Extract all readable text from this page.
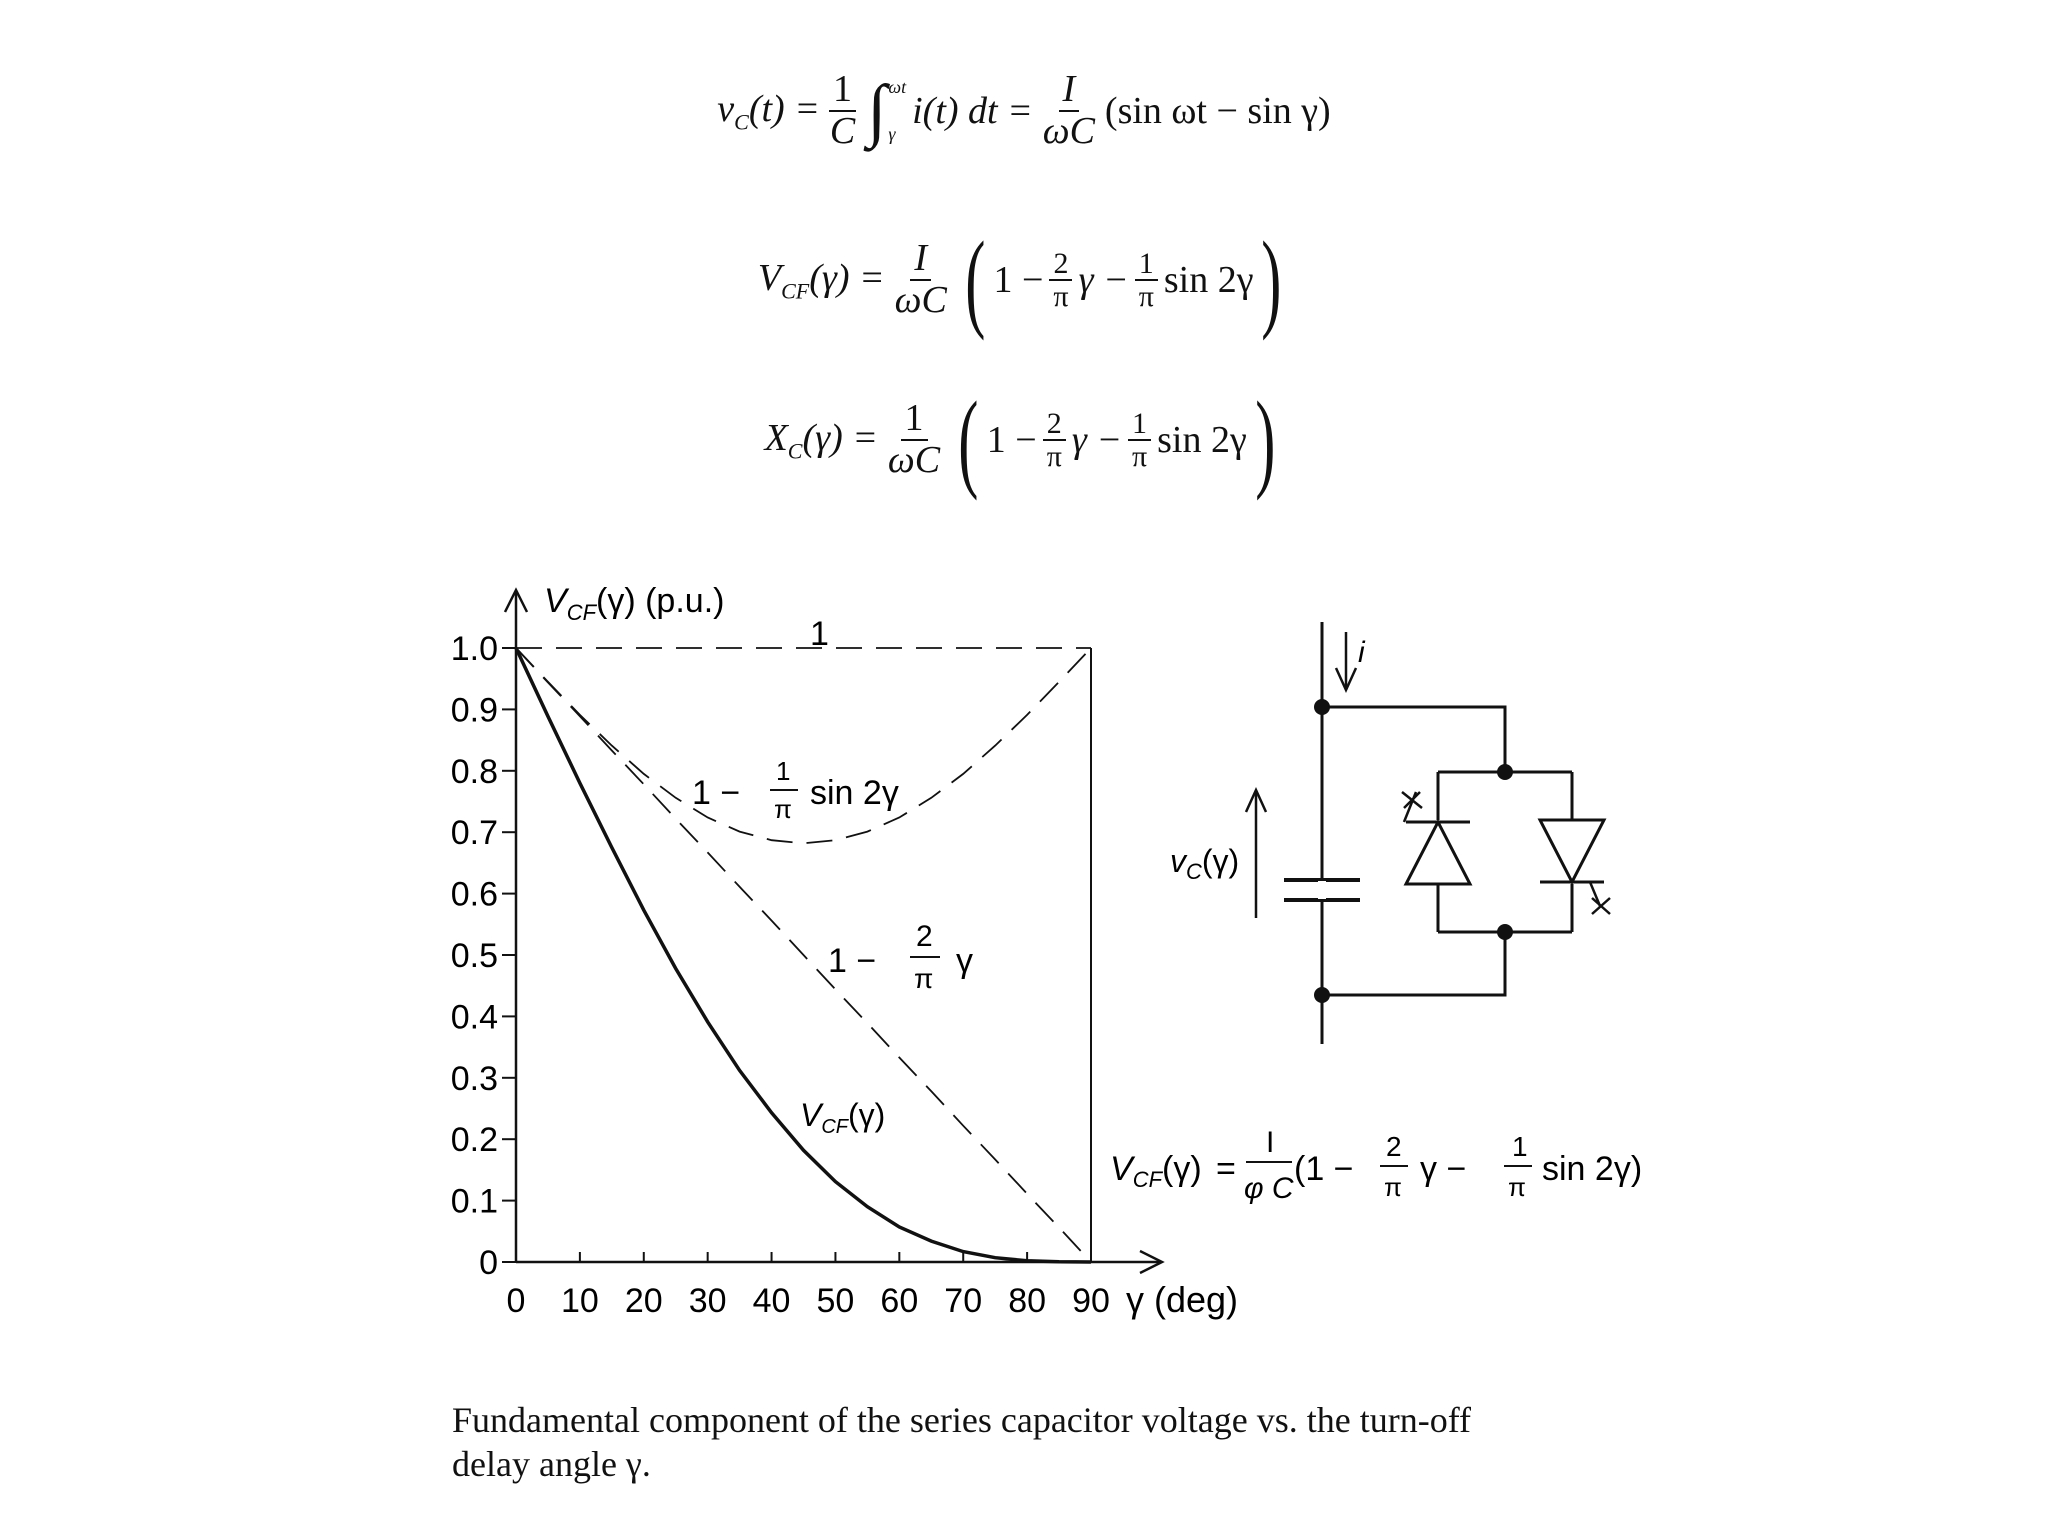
$v_C(t) = \frac{1}{C}$ ∫ ωt
γ
i(t) dt = $\frac{I}{\omega C} (\sin$ ωt − sin γ)
$V_{CF}(\gamma) = \frac{I}{\omega C}$ ( $1 - \frac{2}{\pi}$ $\gamma - \frac{1}{\pi}$ sin 2γ )
$X_C(\gamma) = \frac{1}{\omega C}$ ( $1 - \frac{2}{\pi}$ $\gamma - \frac{1}{\pi}$ sin 2γ )
0 10 20 30 40 50 60 70 80 90
0
0.1
0.2
0.3
0.4
0.5
0.6
0.7
0.8
0.9
1.0
$V_{CF}(\gamma)$ (p.u.)
γ (deg)
1
1 −
1
π sin 2γ
1 −
2
π γ
$V_{CF}(\gamma)$
$V_{CF}(\gamma)$ =
I
φ C
(1 −
2
π γ −
1
π sin 2γ)
i
$v_C(\gamma)$
Fundamental component of the series capacitor voltage vs. the turn-off
delay angle γ.
